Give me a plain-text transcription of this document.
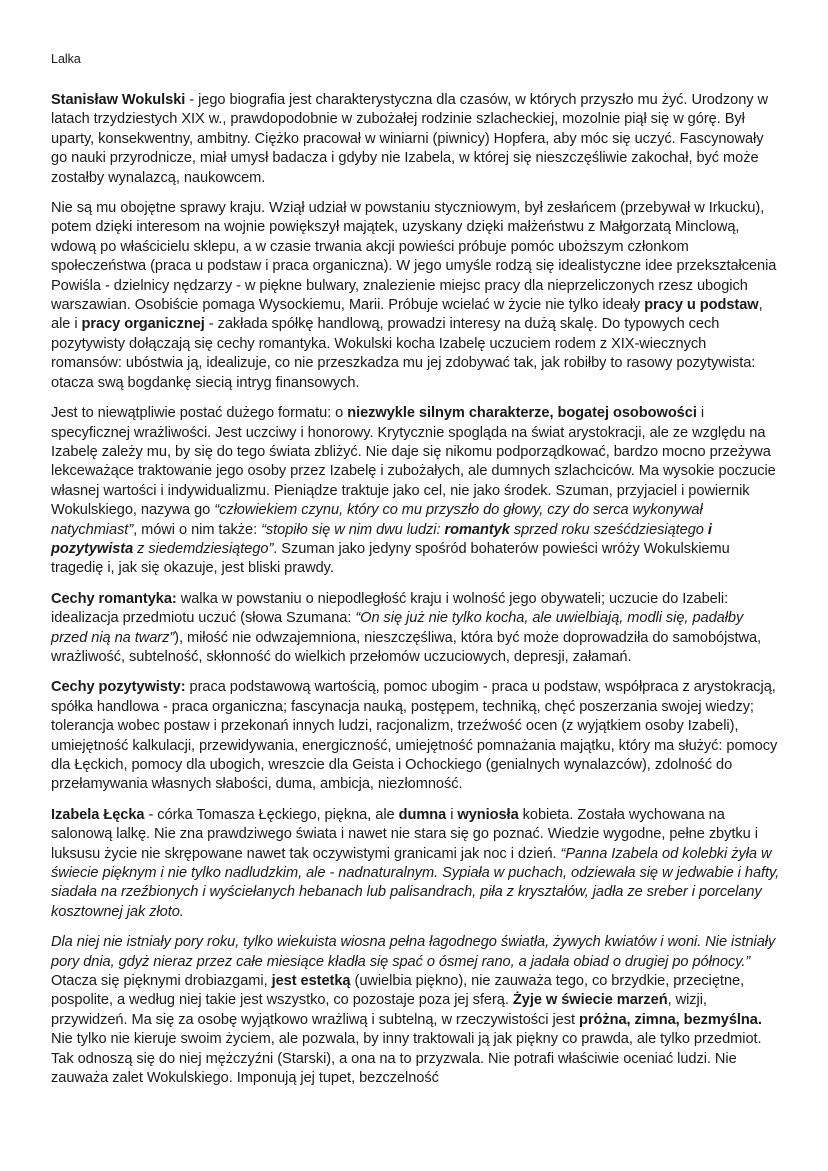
Lalka

Stanisław Wokulski - jego biografia jest charakterystyczna dla czasów, w których przyszło mu żyć. Urodzony w latach trzydziestych XIX w., prawdopodobnie w zubożałej rodzinie szlacheckiej, mozolnie piął się w górę. Był uparty, konsekwentny, ambitny. Ciężko pracował w winiarni (piwnicy) Hopfera, aby móc się uczyć. Fascynowały go nauki przyrodnicze, miał umysł badacza i gdyby nie Izabela, w której się nieszczęśliwie zakochał, być może zostałby wynalazcą, naukowcem.

Nie są mu obojętne sprawy kraju. Wziął udział w powstaniu styczniowym, był zesłańcem (przebywał w Irkucku), potem dzięki interesom na wojnie powiększył majątek, uzyskany dzięki małżeństwu z Małgorzatą Minclową, wdową po właścicielu sklepu, a w czasie trwania akcji powieści próbuje pomóc uboższym członkom społeczeństwa (praca u podstaw i praca organiczna). W jego umyśle rodzą się idealistyczne idee przekształcenia Powiśla - dzielnicy nędzarzy - w piękne bulwary, znalezienie miejsc pracy dla nieprzeliczonych rzesz ubogich warszawian. Osobiście pomaga Wysockiemu, Marii. Próbuje wcielać w życie nie tylko ideały pracy u podstaw, ale i pracy organicznej - zakłada spółkę handlową, prowadzi interesy na dużą skalę. Do typowych cech pozytywisty dołączają się cechy romantyka. Wokulski kocha Izabelę uczuciem rodem z XIX-wiecznych romansów: ubóstwia ją, idealizuje, co nie przeszkadza mu jej zdobywać tak, jak robiłby to rasowy pozytywista: otacza swą bogdankę siecią intryg finansowych.

Jest to niewątpliwie postać dużego formatu: o niezwykle silnym charakterze, bogatej osobowości i specyficznej wrażliwości. Jest uczciwy i honorowy. Krytycznie spogląda na świat arystokracji, ale ze względu na Izabelę zależy mu, by się do tego świata zbliżyć. Nie daje się nikomu podporządkować, bardzo mocno przeżywa lekceważące traktowanie jego osoby przez Izabelę i zubożałych, ale dumnych szlachciców. Ma wysokie poczucie własnej wartości i indywidualizmu. Pieniądze traktuje jako cel, nie jako środek. Szuman, przyjaciel i powiernik Wokulskiego, nazywa go “człowiekiem czynu, który co mu przyszło do głowy, czy do serca wykonywał natychmiast”, mówi o nim także: “stopiło się w nim dwu ludzi: romantyk sprzed roku sześćdziesiątego i pozytywista z siedemdziesiątego”. Szuman jako jedyny spośród bohaterów powieści wróży Wokulskiemu tragedię i, jak się okazuje, jest bliski prawdy.

Cechy romantyka: walka w powstaniu o niepodległość kraju i wolność jego obywateli; uczucie do Izabeli: idealizacja przedmiotu uczuć (słowa Szumana: “On się już nie tylko kocha, ale uwielbiają, modli się, padałby przed nią na twarz”), miłość nie odwzajemniona, nieszczęśliwa, która być może doprowadziła do samobójstwa, wrażliwość, subtelność, skłonność do wielkich przełomów uczuciowych, depresji, załamań.

Cechy pozytywisty: praca podstawową wartością, pomoc ubogim - praca u podstaw, współpraca z arystokracją, spółka handlowa - praca organiczna; fascynacja nauką, postępem, techniką, chęć poszerzania swojej wiedzy; tolerancja wobec postaw i przekonań innych ludzi, racjonalizm, trzeźwość ocen (z wyjątkiem osoby Izabeli), umiejętność kalkulacji, przewidywania, energiczność, umiejętność pomnażania majątku, który ma służyć: pomocy dla Łęckich, pomocy dla ubogich, wreszcie dla Geista i Ochockiego (genialnych wynalazców), zdolność do przełamywania własnych słabości, duma, ambicja, niezłomność.

Izabela Łęcka - córka Tomasza Łęckiego, piękna, ale dumna i wyniosła kobieta. Została wychowana na salonową lalkę. Nie zna prawdziwego świata i nawet nie stara się go poznać. Wiedzie wygodne, pełne zbytku i luksusu życie nie skrępowane nawet tak oczywistymi granicami jak noc i dzień. “Panna Izabela od kolebki żyła w świecie pięknym i nie tylko nadludzkim, ale - nadnaturalnym. Sypiała w puchach, odziewała się w jedwabie i hafty, siadała na rzeźbionych i wyściełanych hebanach lub palisandrach, piła z kryształów, jadła ze sreber i porcelany kosztownej jak złoto.

Dla niej nie istniały pory roku, tylko wiekuista wiosna pełna łagodnego światła, żywych kwiatów i woni. Nie istniały pory dnia, gdyż nieraz przez całe miesiące kładła się spać o ósmej rano, a jadała obiad o drugiej po północy.” Otacza się pięknymi drobiazgami, jest estetką (uwielbia piękno), nie zauważa tego, co brzydkie, przeciętne, pospolite, a według niej takie jest wszystko, co pozostaje poza jej sferą. Żyje w świecie marzeń, wizji, przywidzeń. Ma się za osobę wyjątkowo wrażliwą i subtelną, w rzeczywistości jest próżna, zimna, bezmyślna. Nie tylko nie kieruje swoim życiem, ale pozwala, by inny traktowali ją jak piękny co prawda, ale tylko przedmiot. Tak odnoszą się do niej mężczyźni (Starski), a ona na to przyzwala. Nie potrafi właściwie oceniać ludzi. Nie zauważa zalet Wokulskiego. Imponują jej tupet, bezczelność
